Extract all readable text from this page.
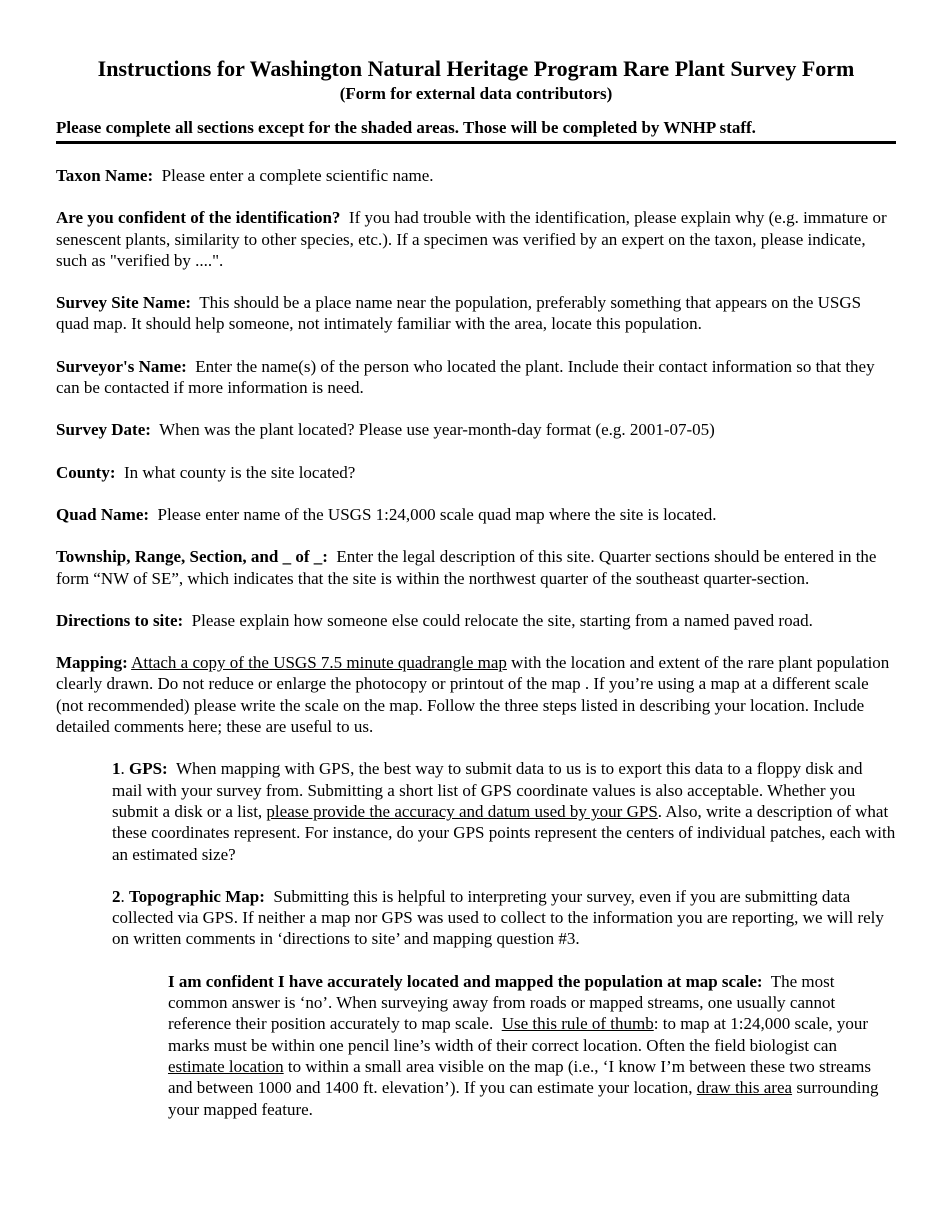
Instructions for Washington Natural Heritage Program Rare Plant Survey Form
(Form for external data contributors)
Please complete all sections except for the shaded areas. Those will be completed by WNHP staff.

Taxon Name: Please enter a complete scientific name.

Are you confident of the identification? If you had trouble with the identification, please explain why (e.g. immature or senescent plants, similarity to other species, etc.). If a specimen was verified by an expert on the taxon, please indicate, such as "verified by ....".

Survey Site Name: This should be a place name near the population, preferably something that appears on the USGS quad map. It should help someone, not intimately familiar with the area, locate this population.

Surveyor's Name: Enter the name(s) of the person who located the plant. Include their contact information so that they can be contacted if more information is need.

Survey Date: When was the plant located? Please use year-month-day format (e.g. 2001-07-05)

County: In what county is the site located?

Quad Name: Please enter name of the USGS 1:24,000 scale quad map where the site is located.

Township, Range, Section, and _ of _: Enter the legal description of this site. Quarter sections should be entered in the form “NW of SE”, which indicates that the site is within the northwest quarter of the southeast quarter-section.

Directions to site: Please explain how someone else could relocate the site, starting from a named paved road.

Mapping: Attach a copy of the USGS 7.5 minute quadrangle map with the location and extent of the rare plant population clearly drawn. Do not reduce or enlarge the photocopy or printout of the map . If you’re using a map at a different scale (not recommended) please write the scale on the map. Follow the three steps listed in describing your location. Include detailed comments here; these are useful to us.

1. GPS: When mapping with GPS, the best way to submit data to us is to export this data to a floppy disk and mail with your survey from. Submitting a short list of GPS coordinate values is also acceptable. Whether you submit a disk or a list, please provide the accuracy and datum used by your GPS. Also, write a description of what these coordinates represent. For instance, do your GPS points represent the centers of individual patches, each with an estimated size?

2. Topographic Map: Submitting this is helpful to interpreting your survey, even if you are submitting data collected via GPS. If neither a map nor GPS was used to collect to the information you are reporting, we will rely on written comments in ‘directions to site’ and mapping question #3.

I am confident I have accurately located and mapped the population at map scale: The most common answer is ‘no’. When surveying away from roads or mapped streams, one usually cannot reference their position accurately to map scale. Use this rule of thumb: to map at 1:24,000 scale, your marks must be within one pencil line’s width of their correct location. Often the field biologist can estimate location to within a small area visible on the map (i.e., ‘I know I’m between these two streams and between 1000 and 1400 ft. elevation’). If you can estimate your location, draw this area surrounding your mapped feature.
